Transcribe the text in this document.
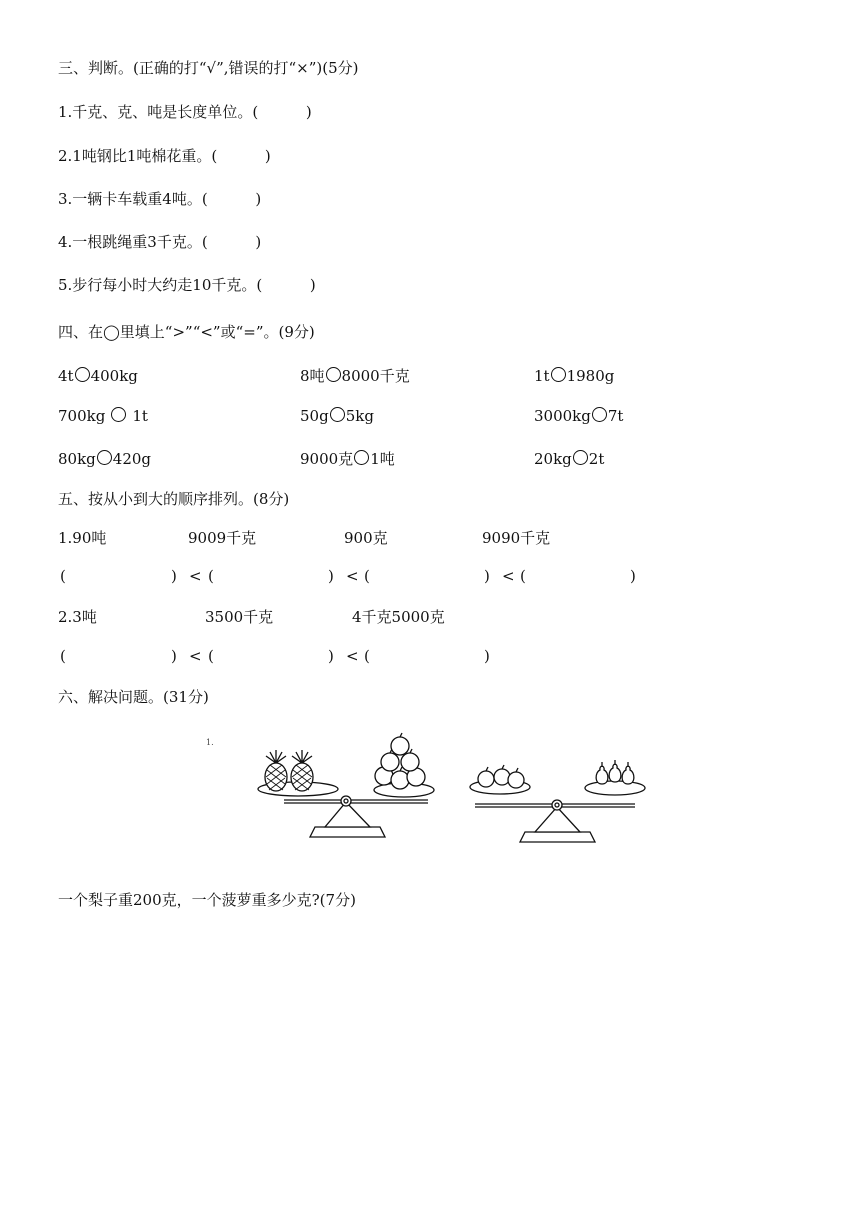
三、判断。(正确的打“√”,错误的打“×”)(5分)
1.千克、克、吨是长度单位。(          )
2.1吨钢比1吨棉花重。(          )
3.一辆卡车载重4吨。(          )
4.一根跳绳重3千克。(          )
5.步行每小时大约走10千克。(          )
四、在◯里填上“>”“<”或“=”。(9分)
4t 400kg	8吨 8000千克	1t 1980g
700kg 1t	50g 5kg	3000kg 7t
80kg 420g	9000克 1吨	20kg 2t
五、按从小到大的顺序排列。(8分)
1.90吨	9009千克	900克	9090千克
(	) < (	) < (	) < (	)
2.3吨	3500千克	4千克5000克
(	) < (	) < (	)
六、解决问题。(31分)
1.
一个梨子重200克，一个菠萝重多少克?(7分)
